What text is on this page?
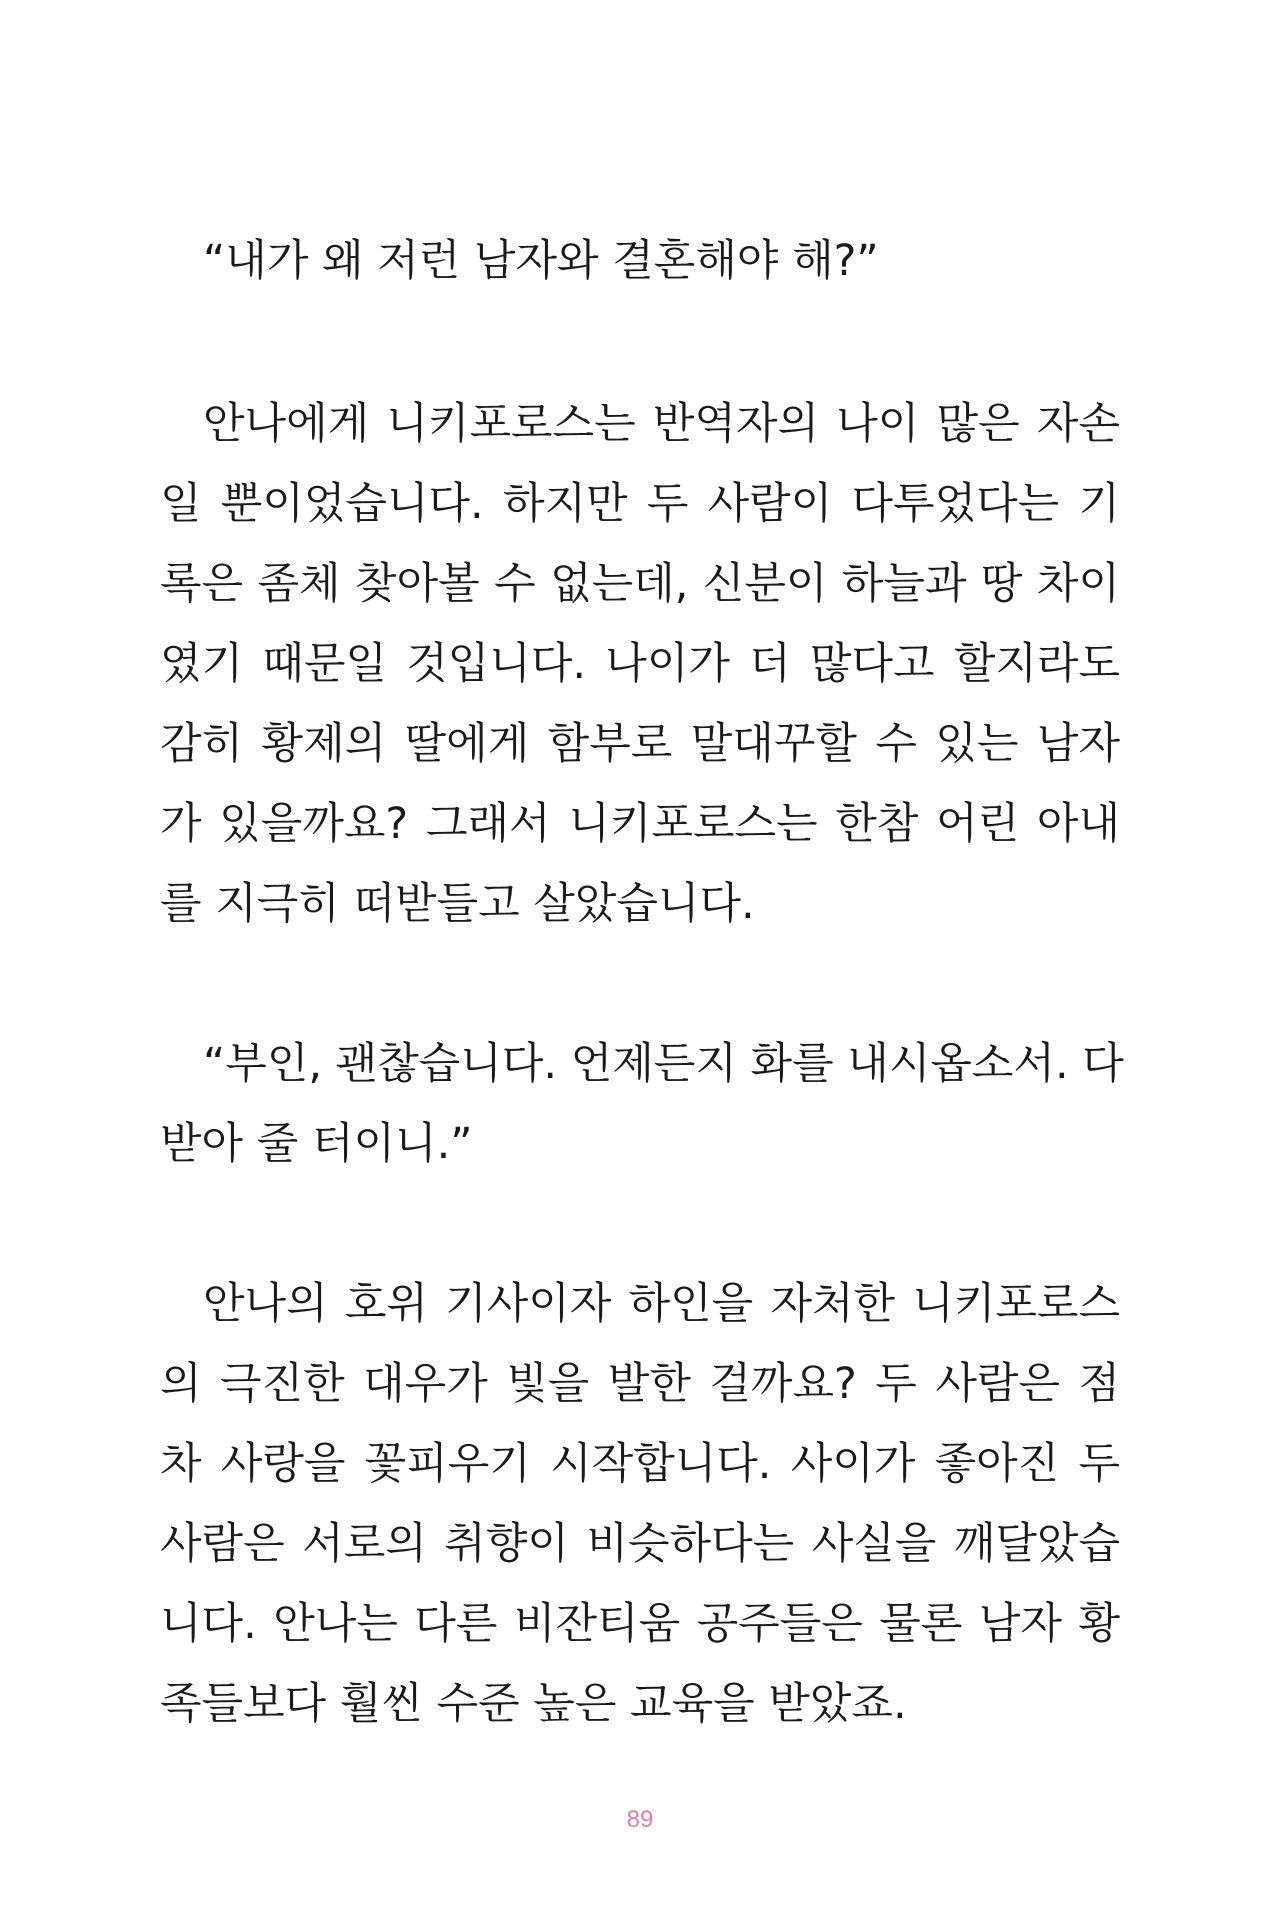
“내가 왜 저런 남자와 결혼해야 해?”
안나에게 니키포로스는 반역자의 나이 많은 자손
일 뿐이었습니다. 하지만 두 사람이 다투었다는 기
록은 좀체 찾아볼 수 없는데, 신분이 하늘과 땅 차이
였기 때문일 것입니다. 나이가 더 많다고 할지라도
감히 황제의 딸에게 함부로 말대꾸할 수 있는 남자
가 있을까요? 그래서 니키포로스는 한참 어린 아내
를 지극히 떠받들고 살았습니다.
“부인, 괜찮습니다. 언제든지 화를 내시옵소서. 다
받아 줄 터이니.”
안나의 호위 기사이자 하인을 자처한 니키포로스
의 극진한 대우가 빛을 발한 걸까요? 두 사람은 점
차 사랑을 꽃피우기 시작합니다. 사이가 좋아진 두
사람은 서로의 취향이 비슷하다는 사실을 깨달았습
니다. 안나는 다른 비잔티움 공주들은 물론 남자 황
족들보다 훨씬 수준 높은 교육을 받았죠.
89
